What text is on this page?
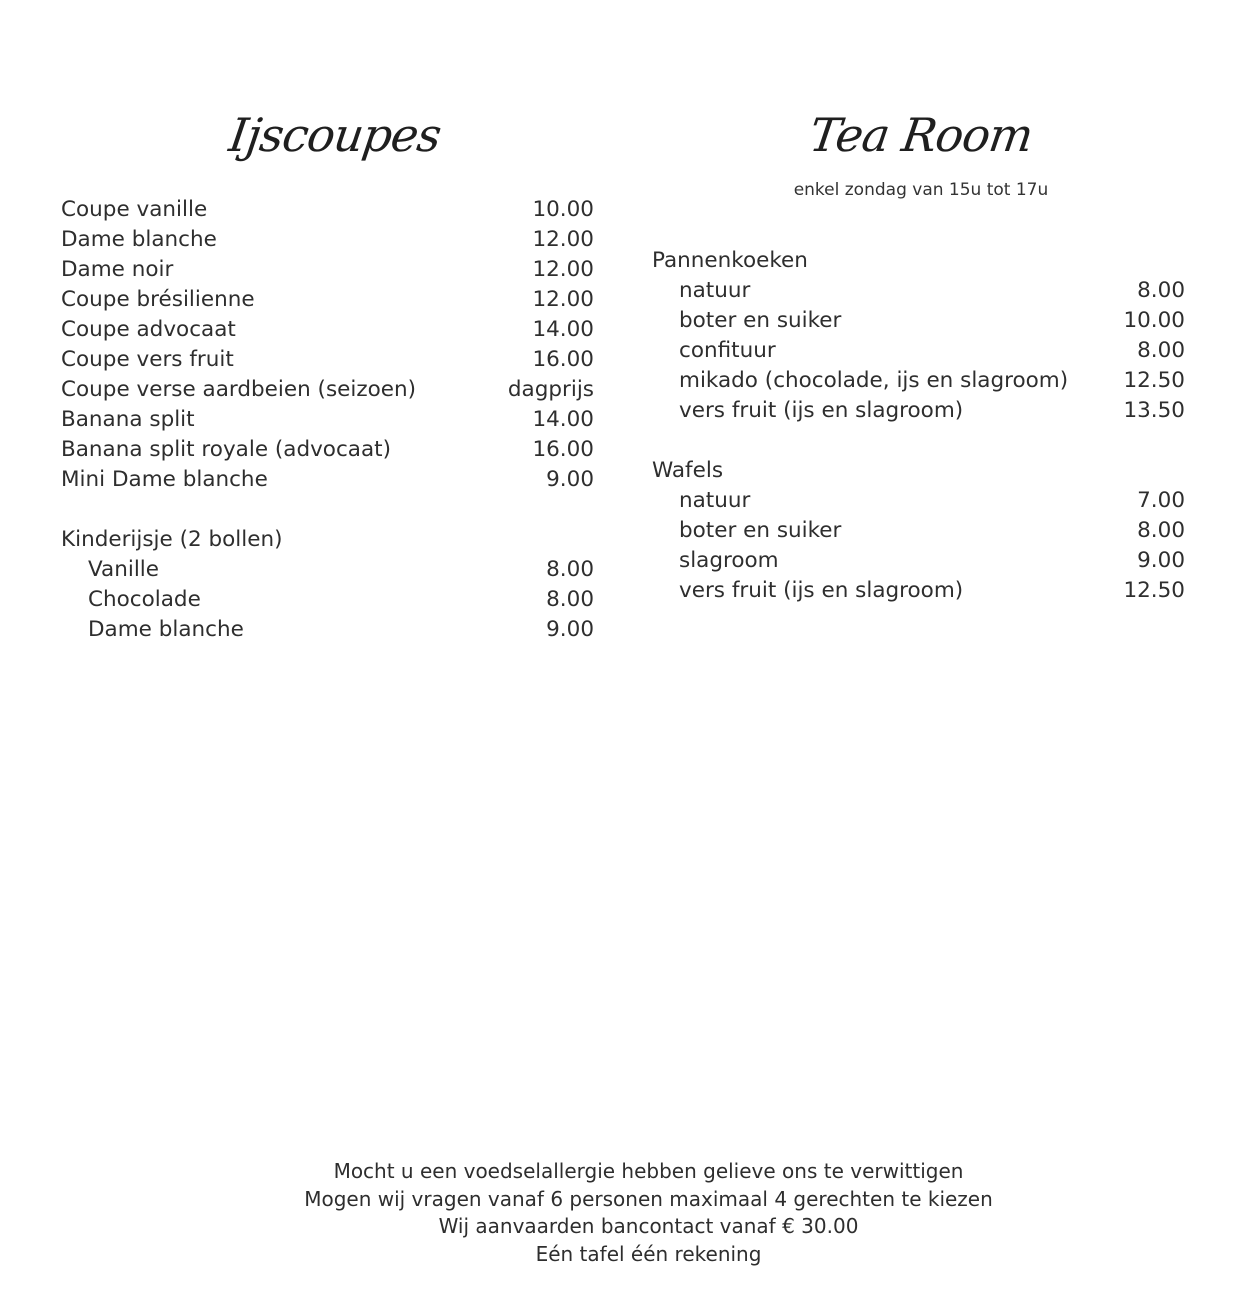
Ijscoupes
Coupe vanille	10.00
Dame blanche	12.00
Dame noir	12.00
Coupe brésilienne	12.00
Coupe advocaat	14.00
Coupe vers fruit	16.00
Coupe verse aardbeien (seizoen)	dagprijs
Banana split	14.00
Banana split royale (advocaat)	16.00
Mini Dame blanche	9.00
Kinderijsje (2 bollen)
Vanille	8.00
Chocolade	8.00
Dame blanche	9.00
Tea Room
enkel zondag van 15u tot 17u
Pannenkoeken
natuur	8.00
boter en suiker	10.00
confituur	8.00
mikado (chocolade, ijs en slagroom)	12.50
vers fruit (ijs en slagroom)	13.50
Wafels
natuur	7.00
boter en suiker	8.00
slagroom	9.00
vers fruit (ijs en slagroom)	12.50
Mocht u een voedselallergie hebben gelieve ons te verwittigen
Mogen wij vragen vanaf 6 personen maximaal 4 gerechten te kiezen
Wij aanvaarden bancontact vanaf € 30.00
Eén tafel één rekening
